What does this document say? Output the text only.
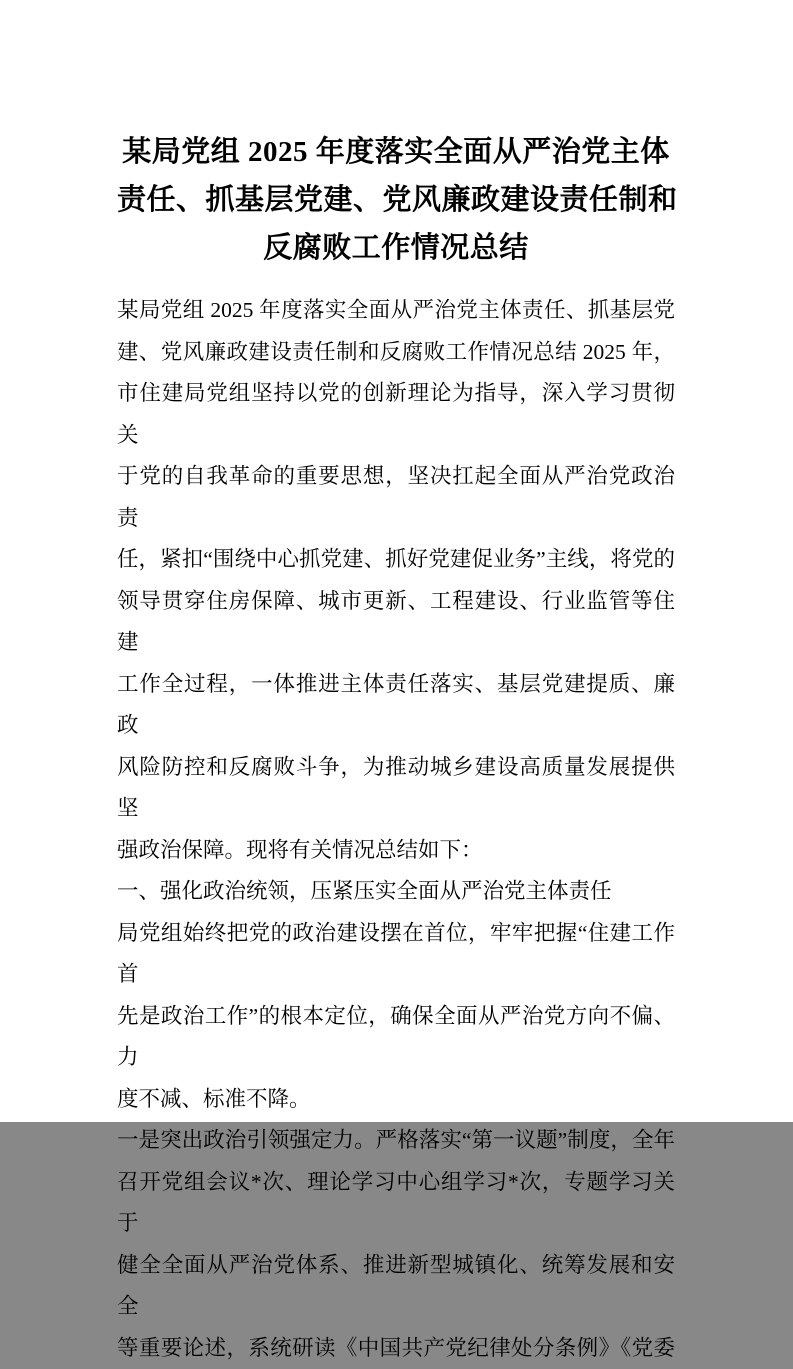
某局党组 2025 年度落实全面从严治党主体
责任、抓基层党建、党风廉政建设责任制和
反腐败工作情况总结
某局党组 2025 年度落实全面从严治党主体责任、抓基层党
建、党风廉政建设责任制和反腐败工作情况总结 2025 年，
市住建局党组坚持以党的创新理论为指导，深入学习贯彻关
于党的自我革命的重要思想，坚决扛起全面从严治党政治责
任，紧扣“围绕中心抓党建、抓好党建促业务”主线，将党的
领导贯穿住房保障、城市更新、工程建设、行业监管等住建
工作全过程，一体推进主体责任落实、基层党建提质、廉政
风险防控和反腐败斗争，为推动城乡建设高质量发展提供坚
强政治保障。现将有关情况总结如下：
一、强化政治统领，压紧压实全面从严治党主体责任
局党组始终把党的政治建设摆在首位，牢牢把握“住建工作首
先是政治工作”的根本定位，确保全面从严治党方向不偏、力
度不减、标准不降。
一是突出政治引领强定力。严格落实“第一议题”制度，全年
召开党组会议*次、理论学习中心组学习*次，专题学习关于
健全全面从严治党体系、推进新型城镇化、统筹发展和安全
等重要论述，系统研读《中国共产党纪律处分条例》《党委
